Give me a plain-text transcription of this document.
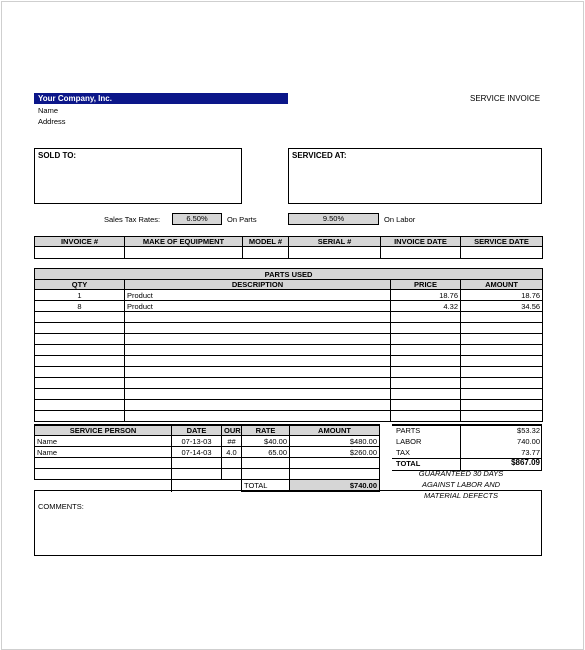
Your Company, Inc.
Name
Address
SERVICE INVOICE
SOLD TO:	SERVICED AT:
Sales Tax Rates:	6.50%	On Parts	9.50%	On Labor
INVOICE #	MAKE OF EQUIPMENT	MODEL #	SERIAL #	INVOICE DATE	SERVICE DATE

PARTS USED			
QTY	DESCRIPTION	PRICE	AMOUNT
1	Product	18.76	18.76
8	Product	4.32	34.56

SERVICE PERSON	DATE	OUR	RATE	AMOUNT
Name	07-13-03	##	$40.00	$480.00
Name	07-14-03	4.0	65.00	$260.00

			TOTAL	$740.00
PARTS	$53.32
LABOR	740.00
TAX	73.77
TOTAL	$867.09
GUARANTEED 30 DAYS
AGAINST LABOR AND
MATERIAL DEFECTS
COMMENTS:
